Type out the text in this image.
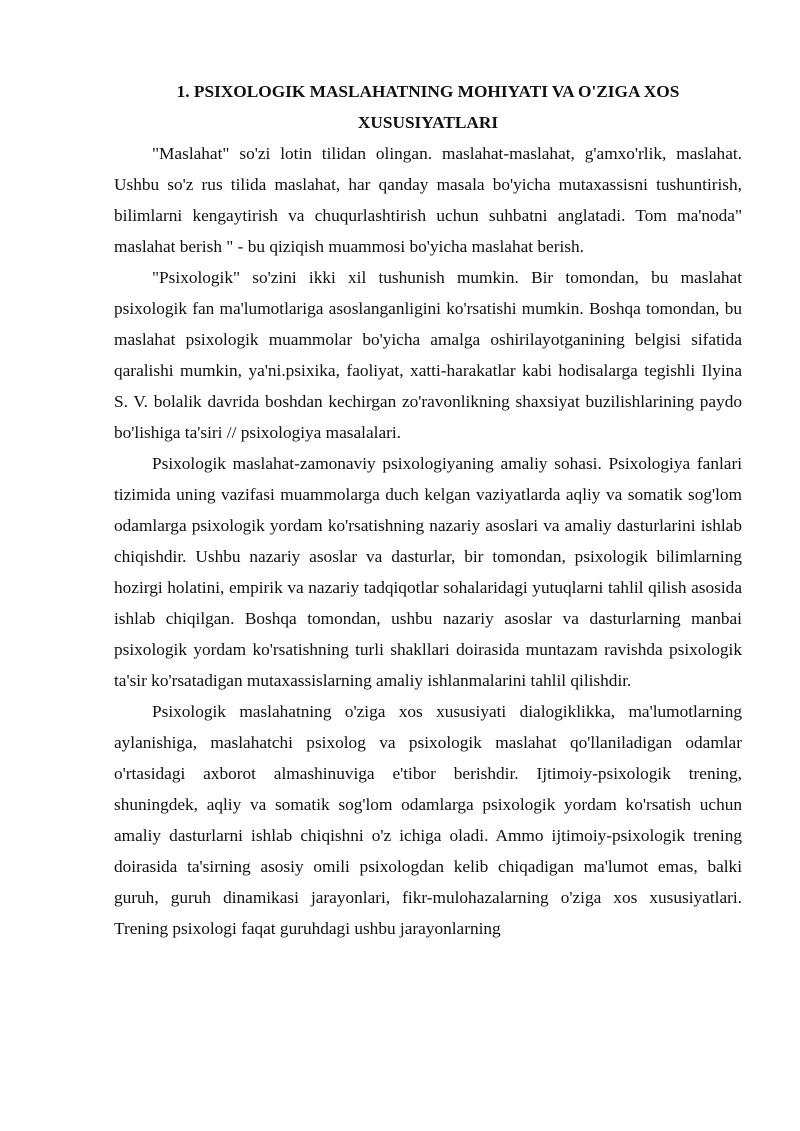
1. PSIXOLOGIK MASLAHATNING MOHIYATI VA O'ZIGA XOS XUSUSIYATLARI

"Maslahat" so'zi lotin tilidan olingan. maslahat-maslahat, g'amxo'rlik, maslahat. Ushbu so'z rus tilida maslahat, har qanday masala bo'yicha mutaxassisni tushuntirish, bilimlarni kengaytirish va chuqurlashtirish uchun suhbatni anglatadi. Tom ma'noda" maslahat berish " - bu qiziqish muammosi bo'yicha maslahat berish.

"Psixologik" so'zini ikki xil tushunish mumkin. Bir tomondan, bu maslahat psixologik fan ma'lumotlariga asoslanganligini ko'rsatishi mumkin. Boshqa tomondan, bu maslahat psixologik muammolar bo'yicha amalga oshirilayotganining belgisi sifatida qaralishi mumkin, ya'ni.psixika, faoliyat, xatti-harakatlar kabi hodisalarga tegishli Ilyina S. V. bolalik davrida boshdan kechirgan zo'ravonlikning shaxsiyat buzilishlarining paydo bo'lishiga ta'siri // psixologiya masalalari.

Psixologik maslahat-zamonaviy psixologiyaning amaliy sohasi. Psixologiya fanlari tizimida uning vazifasi muammolarga duch kelgan vaziyatlarda aqliy va somatik sog'lom odamlarga psixologik yordam ko'rsatishning nazariy asoslari va amaliy dasturlarini ishlab chiqishdir. Ushbu nazariy asoslar va dasturlar, bir tomondan, psixologik bilimlarning hozirgi holatini, empirik va nazariy tadqiqotlar sohalaridagi yutuqlarni tahlil qilish asosida ishlab chiqilgan. Boshqa tomondan, ushbu nazariy asoslar va dasturlarning manbai psixologik yordam ko'rsatishning turli shakllari doirasida muntazam ravishda psixologik ta'sir ko'rsatadigan mutaxassislarning amaliy ishlanmalarini tahlil qilishdir.

Psixologik maslahatning o'ziga xos xususiyati dialogiklikka, ma'lumotlarning aylanishiga, maslahatchi psixolog va psixologik maslahat qo'llaniladigan odamlar o'rtasidagi axborot almashinuviga e'tibor berishdir. Ijtimoiy-psixologik trening, shuningdek, aqliy va somatik sog'lom odamlarga psixologik yordam ko'rsatish uchun amaliy dasturlarni ishlab chiqishni o'z ichiga oladi. Ammo ijtimoiy-psixologik trening doirasida ta'sirning asosiy omili psixologdan kelib chiqadigan ma'lumot emas, balki guruh, guruh dinamikasi jarayonlari, fikr-mulohazalarning o'ziga xos xususiyatlari. Trening psixologi faqat guruhdagi ushbu jarayonlarning
